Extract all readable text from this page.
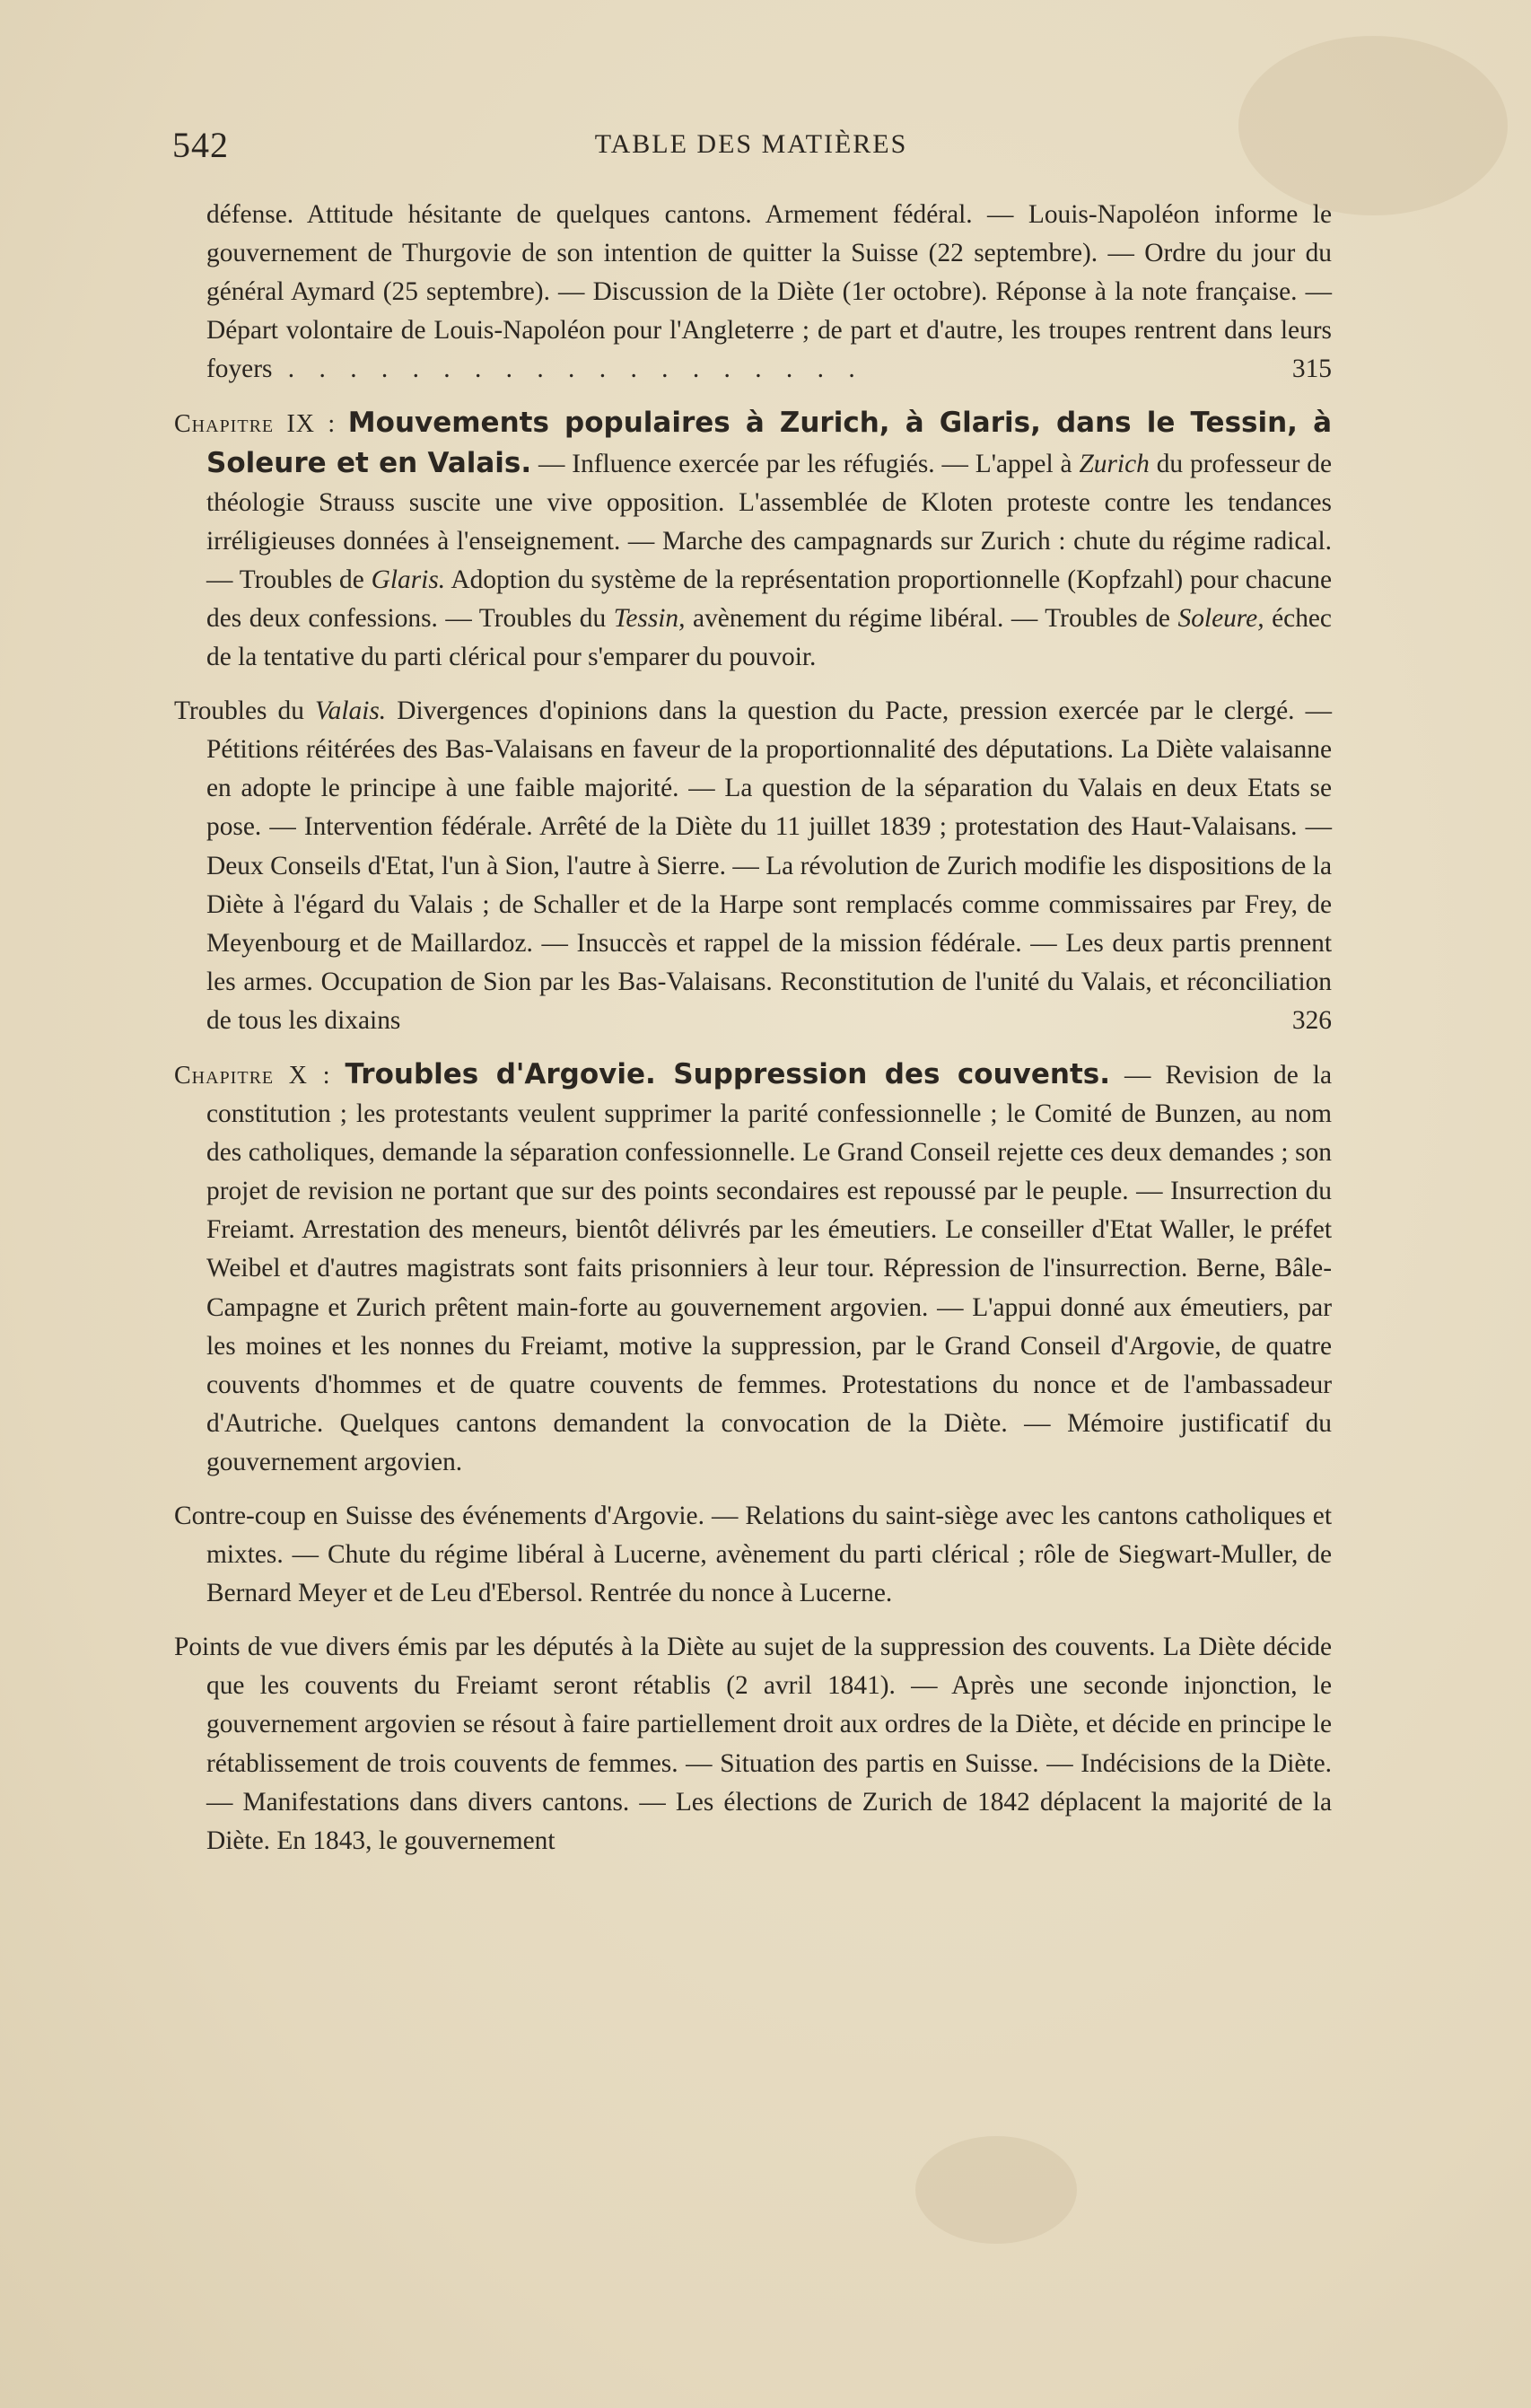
542	TABLE DES MATIÈRES

défense. Attitude hésitante de quelques cantons. Armement fédéral. — Louis-Napoléon informe le gouvernement de Thurgovie de son intention de quitter la Suisse (22 septembre). — Ordre du jour du général Aymard (25 septembre). — Discussion de la Diète (1er octobre). Réponse à la note française. — Départ volontaire de Louis-Napoléon pour l'Angleterre ; de part et d'autre, les troupes rentrent dans leurs foyers . . . . . . . . . . . . . . . . . . .	315

Chapitre IX : Mouvements populaires à Zurich, à Glaris, dans le Tessin, à Soleure et en Valais. — Influence exercée par les réfugiés. — L'appel à Zurich du professeur de théologie Strauss suscite une vive opposition. L'assemblée de Kloten proteste contre les tendances irréligieuses données à l'enseignement. — Marche des campagnards sur Zurich : chute du régime radical. — Troubles de Glaris. Adoption du système de la représentation proportionnelle (Kopfzahl) pour chacune des deux confessions. — Troubles du Tessin, avènement du régime libéral. — Troubles de Soleure, échec de la tentative du parti clérical pour s'emparer du pouvoir.

Troubles du Valais. Divergences d'opinions dans la question du Pacte, pression exercée par le clergé. — Pétitions réitérées des Bas-Valaisans en faveur de la proportionnalité des députations. La Diète valaisanne en adopte le principe à une faible majorité. — La question de la séparation du Valais en deux Etats se pose. — Intervention fédérale. Arrêté de la Diète du 11 juillet 1839 ; protestation des Haut-Valaisans. — Deux Conseils d'Etat, l'un à Sion, l'autre à Sierre. — La révolution de Zurich modifie les dispositions de la Diète à l'égard du Valais ; de Schaller et de la Harpe sont remplacés comme commissaires par Frey, de Meyenbourg et de Maillardoz. — Insuccès et rappel de la mission fédérale. — Les deux partis prennent les armes. Occupation de Sion par les Bas-Valaisans. Reconstitution de l'unité du Valais, et réconciliation de tous les dixains	326

Chapitre X : Troubles d'Argovie. Suppression des couvents. — Revision de la constitution ; les protestants veulent supprimer la parité confessionnelle ; le Comité de Bunzen, au nom des catholiques, demande la séparation confessionnelle. Le Grand Conseil rejette ces deux demandes ; son projet de revision ne portant que sur des points secondaires est repoussé par le peuple. — Insurrection du Freiamt. Arrestation des meneurs, bientôt délivrés par les émeutiers. Le conseiller d'Etat Waller, le préfet Weibel et d'autres magistrats sont faits prisonniers à leur tour. Répression de l'insurrection. Berne, Bâle-Campagne et Zurich prêtent main-forte au gouvernement argovien. — L'appui donné aux émeutiers, par les moines et les nonnes du Freiamt, motive la suppression, par le Grand Conseil d'Argovie, de quatre couvents d'hommes et de quatre couvents de femmes. Protestations du nonce et de l'ambassadeur d'Autriche. Quelques cantons demandent la convocation de la Diète. — Mémoire justificatif du gouvernement argovien.

Contre-coup en Suisse des événements d'Argovie. — Relations du saint-siège avec les cantons catholiques et mixtes. — Chute du régime libéral à Lucerne, avènement du parti clérical ; rôle de Siegwart-Muller, de Bernard Meyer et de Leu d'Ebersol. Rentrée du nonce à Lucerne.

Points de vue divers émis par les députés à la Diète au sujet de la suppression des couvents. La Diète décide que les couvents du Freiamt seront rétablis (2 avril 1841). — Après une seconde injonction, le gouvernement argovien se résout à faire partiellement droit aux ordres de la Diète, et décide en principe le rétablissement de trois couvents de femmes. — Situation des partis en Suisse. — Indécisions de la Diète. — Manifestations dans divers cantons. — Les élections de Zurich de 1842 déplacent la majorité de la Diète. En 1843, le gouvernement
